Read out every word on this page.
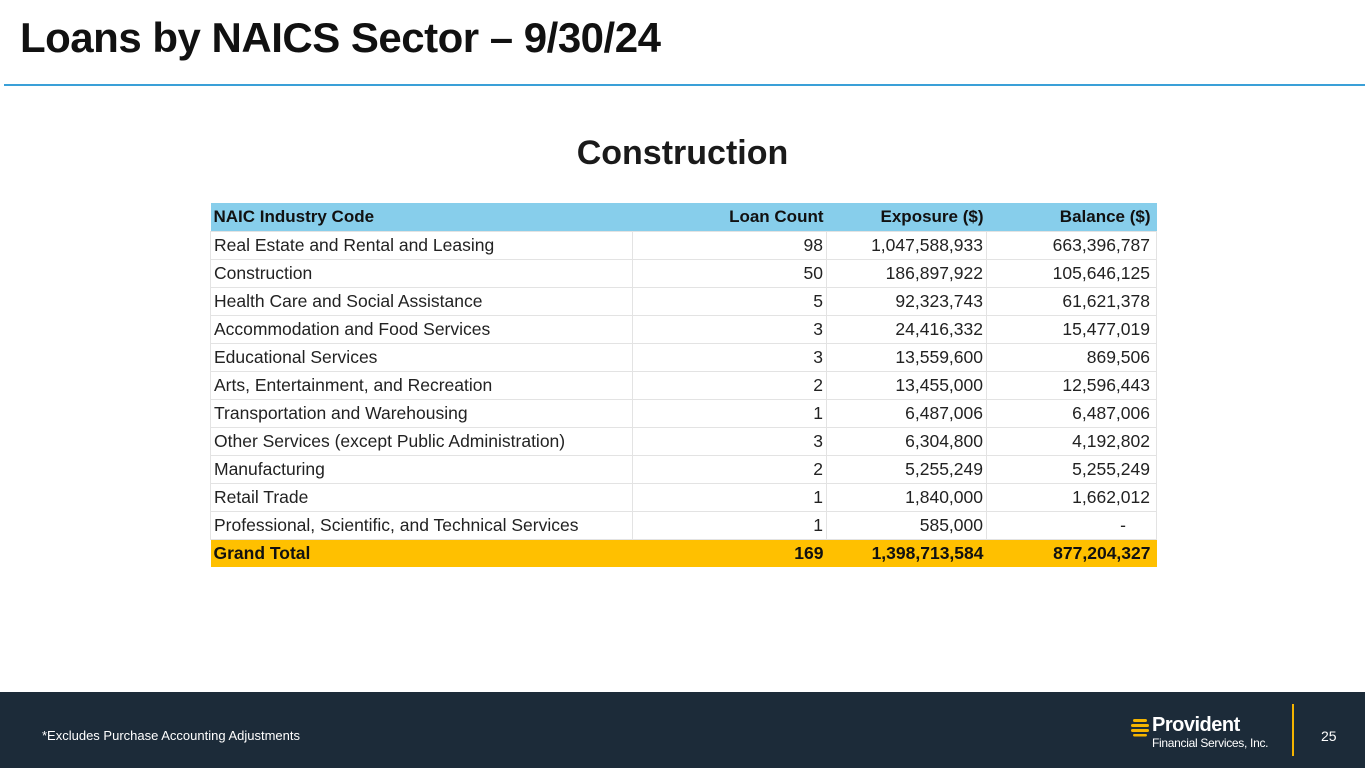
Loans by NAICS Sector – 9/30/24
Construction
NAIC Industry Code	Loan Count	Exposure ($)	Balance ($)
Real Estate and Rental and Leasing	98	1,047,588,933	663,396,787
Construction	50	186,897,922	105,646,125
Health Care and Social Assistance	5	92,323,743	61,621,378
Accommodation and Food Services	3	24,416,332	15,477,019
Educational Services	3	13,559,600	869,506
Arts, Entertainment, and Recreation	2	13,455,000	12,596,443
Transportation and Warehousing	1	6,487,006	6,487,006
Other Services (except Public Administration)	3	6,304,800	4,192,802
Manufacturing	2	5,255,249	5,255,249
Retail Trade	1	1,840,000	1,662,012
Professional, Scientific, and Technical Services	1	585,000	-
Grand Total	169	1,398,713,584	877,204,327
*Excludes Purchase Accounting Adjustments	Provident
Financial Services, Inc.	25
